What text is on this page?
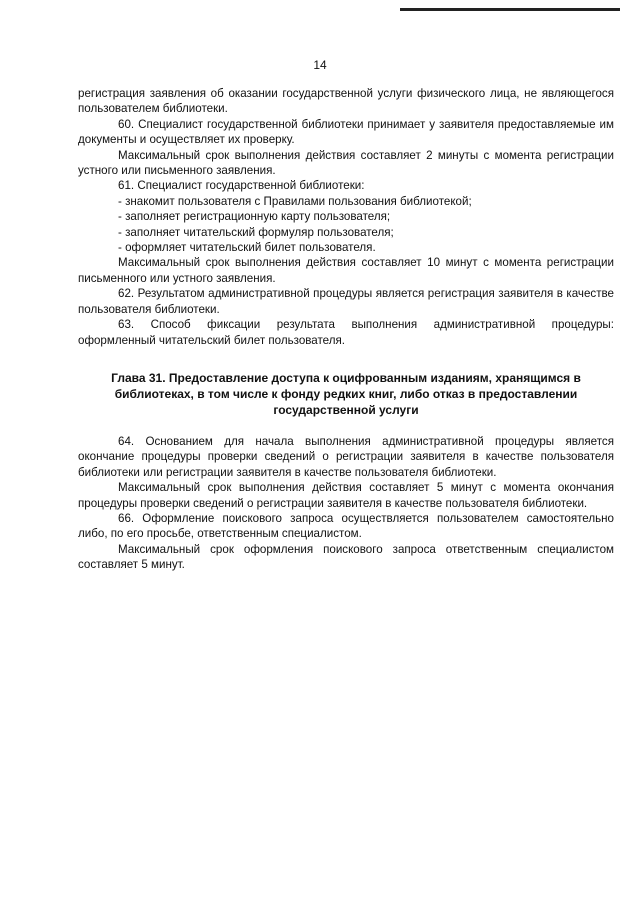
14

регистрация заявления об оказании государственной услуги физического лица, не являющегося пользователем библиотеки.

60. Специалист государственной библиотеки принимает у заявителя предоставляемые им документы и осуществляет их проверку.

Максимальный срок выполнения действия составляет 2 минуты с момента регистрации устного или письменного заявления.

61. Специалист государственной библиотеки:

- знакомит пользователя с Правилами пользования библиотекой;

- заполняет регистрационную карту пользователя;

- заполняет читательский формуляр пользователя;

- оформляет читательский билет пользователя.

Максимальный срок выполнения действия составляет 10 минут с момента регистрации письменного или устного заявления.

62. Результатом административной процедуры является регистрация заявителя в качестве пользователя библиотеки.

63. Способ фиксации результата выполнения административной процедуры: оформленный читательский билет пользователя.

Глава 31. Предоставление доступа к оцифрованным изданиям, хранящимся в библиотеках, в том числе к фонду редких книг, либо отказ в предоставлении государственной услуги

64. Основанием для начала выполнения административной процедуры является окончание процедуры проверки сведений о регистрации заявителя в качестве пользователя библиотеки или регистрации заявителя в качестве пользователя библиотеки.

Максимальный срок выполнения действия составляет 5 минут с момента окончания процедуры проверки сведений о регистрации заявителя в качестве пользователя библиотеки.

66. Оформление поискового запроса осуществляется пользователем самостоятельно либо, по его просьбе, ответственным специалистом.

Максимальный срок оформления поискового запроса ответственным специалистом составляет 5 минут.
